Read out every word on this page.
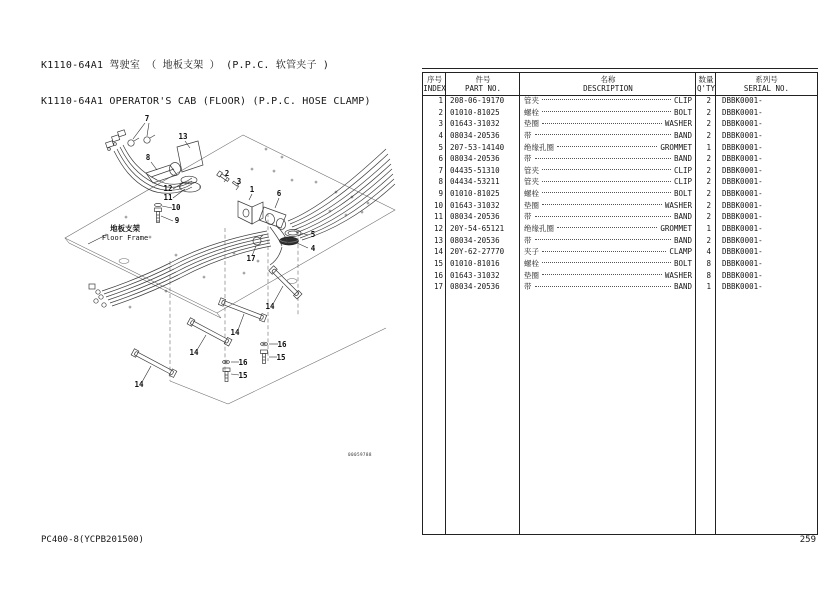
K1110-64A1 驾驶室 （ 地板支架 ） (P.P.C. 软管夹子 )

K1110-64A1 OPERATOR'S CAB (FLOOR) (P.P.C. HOSE CLAMP)

7
13
8
2
3
1	6
12
11
10
9
5
4
17
14
14
14
14
16
15
16
15
地板支架
Floor Frame
00059788
序号
INDEX
件号
PART NO.
名称
DESCRIPTION
数量
Q'TY
系列号
SERIAL NO.
1 208-06-19170	管夹	CLIP	2	DBBK0001-
2 01010-81025	螺栓	BOLT	2	DBBK0001-
3 01643-31032	垫圈	WASHER	2	DBBK0001-
4 08034-20536	带	BAND	2	DBBK0001-
5 207-53-14140	绝缘孔圈	GROMMET	1	DBBK0001-
6 08034-20536	带	BAND	2	DBBK0001-
7 04435-51310	管夹	CLIP	2	DBBK0001-
8 04434-53211	管夹	CLIP	2	DBBK0001-
9 01010-81025	螺栓	BOLT	2	DBBK0001-
10 01643-31032	垫圈	WASHER	2	DBBK0001-
11 08034-20536	带	BAND	2	DBBK0001-
12 20Y-54-65121	绝缘孔圈	GROMMET	1	DBBK0001-
13 08034-20536	带	BAND	2	DBBK0001-
14 20Y-62-27770	夹子	CLAMP	4	DBBK0001-
15 01010-81016	螺栓	BOLT	8	DBBK0001-
16 01643-31032	垫圈	WASHER	8	DBBK0001-
17 08034-20536	带	BAND	1	DBBK0001-
PC400-8(YCPB201500)	259
